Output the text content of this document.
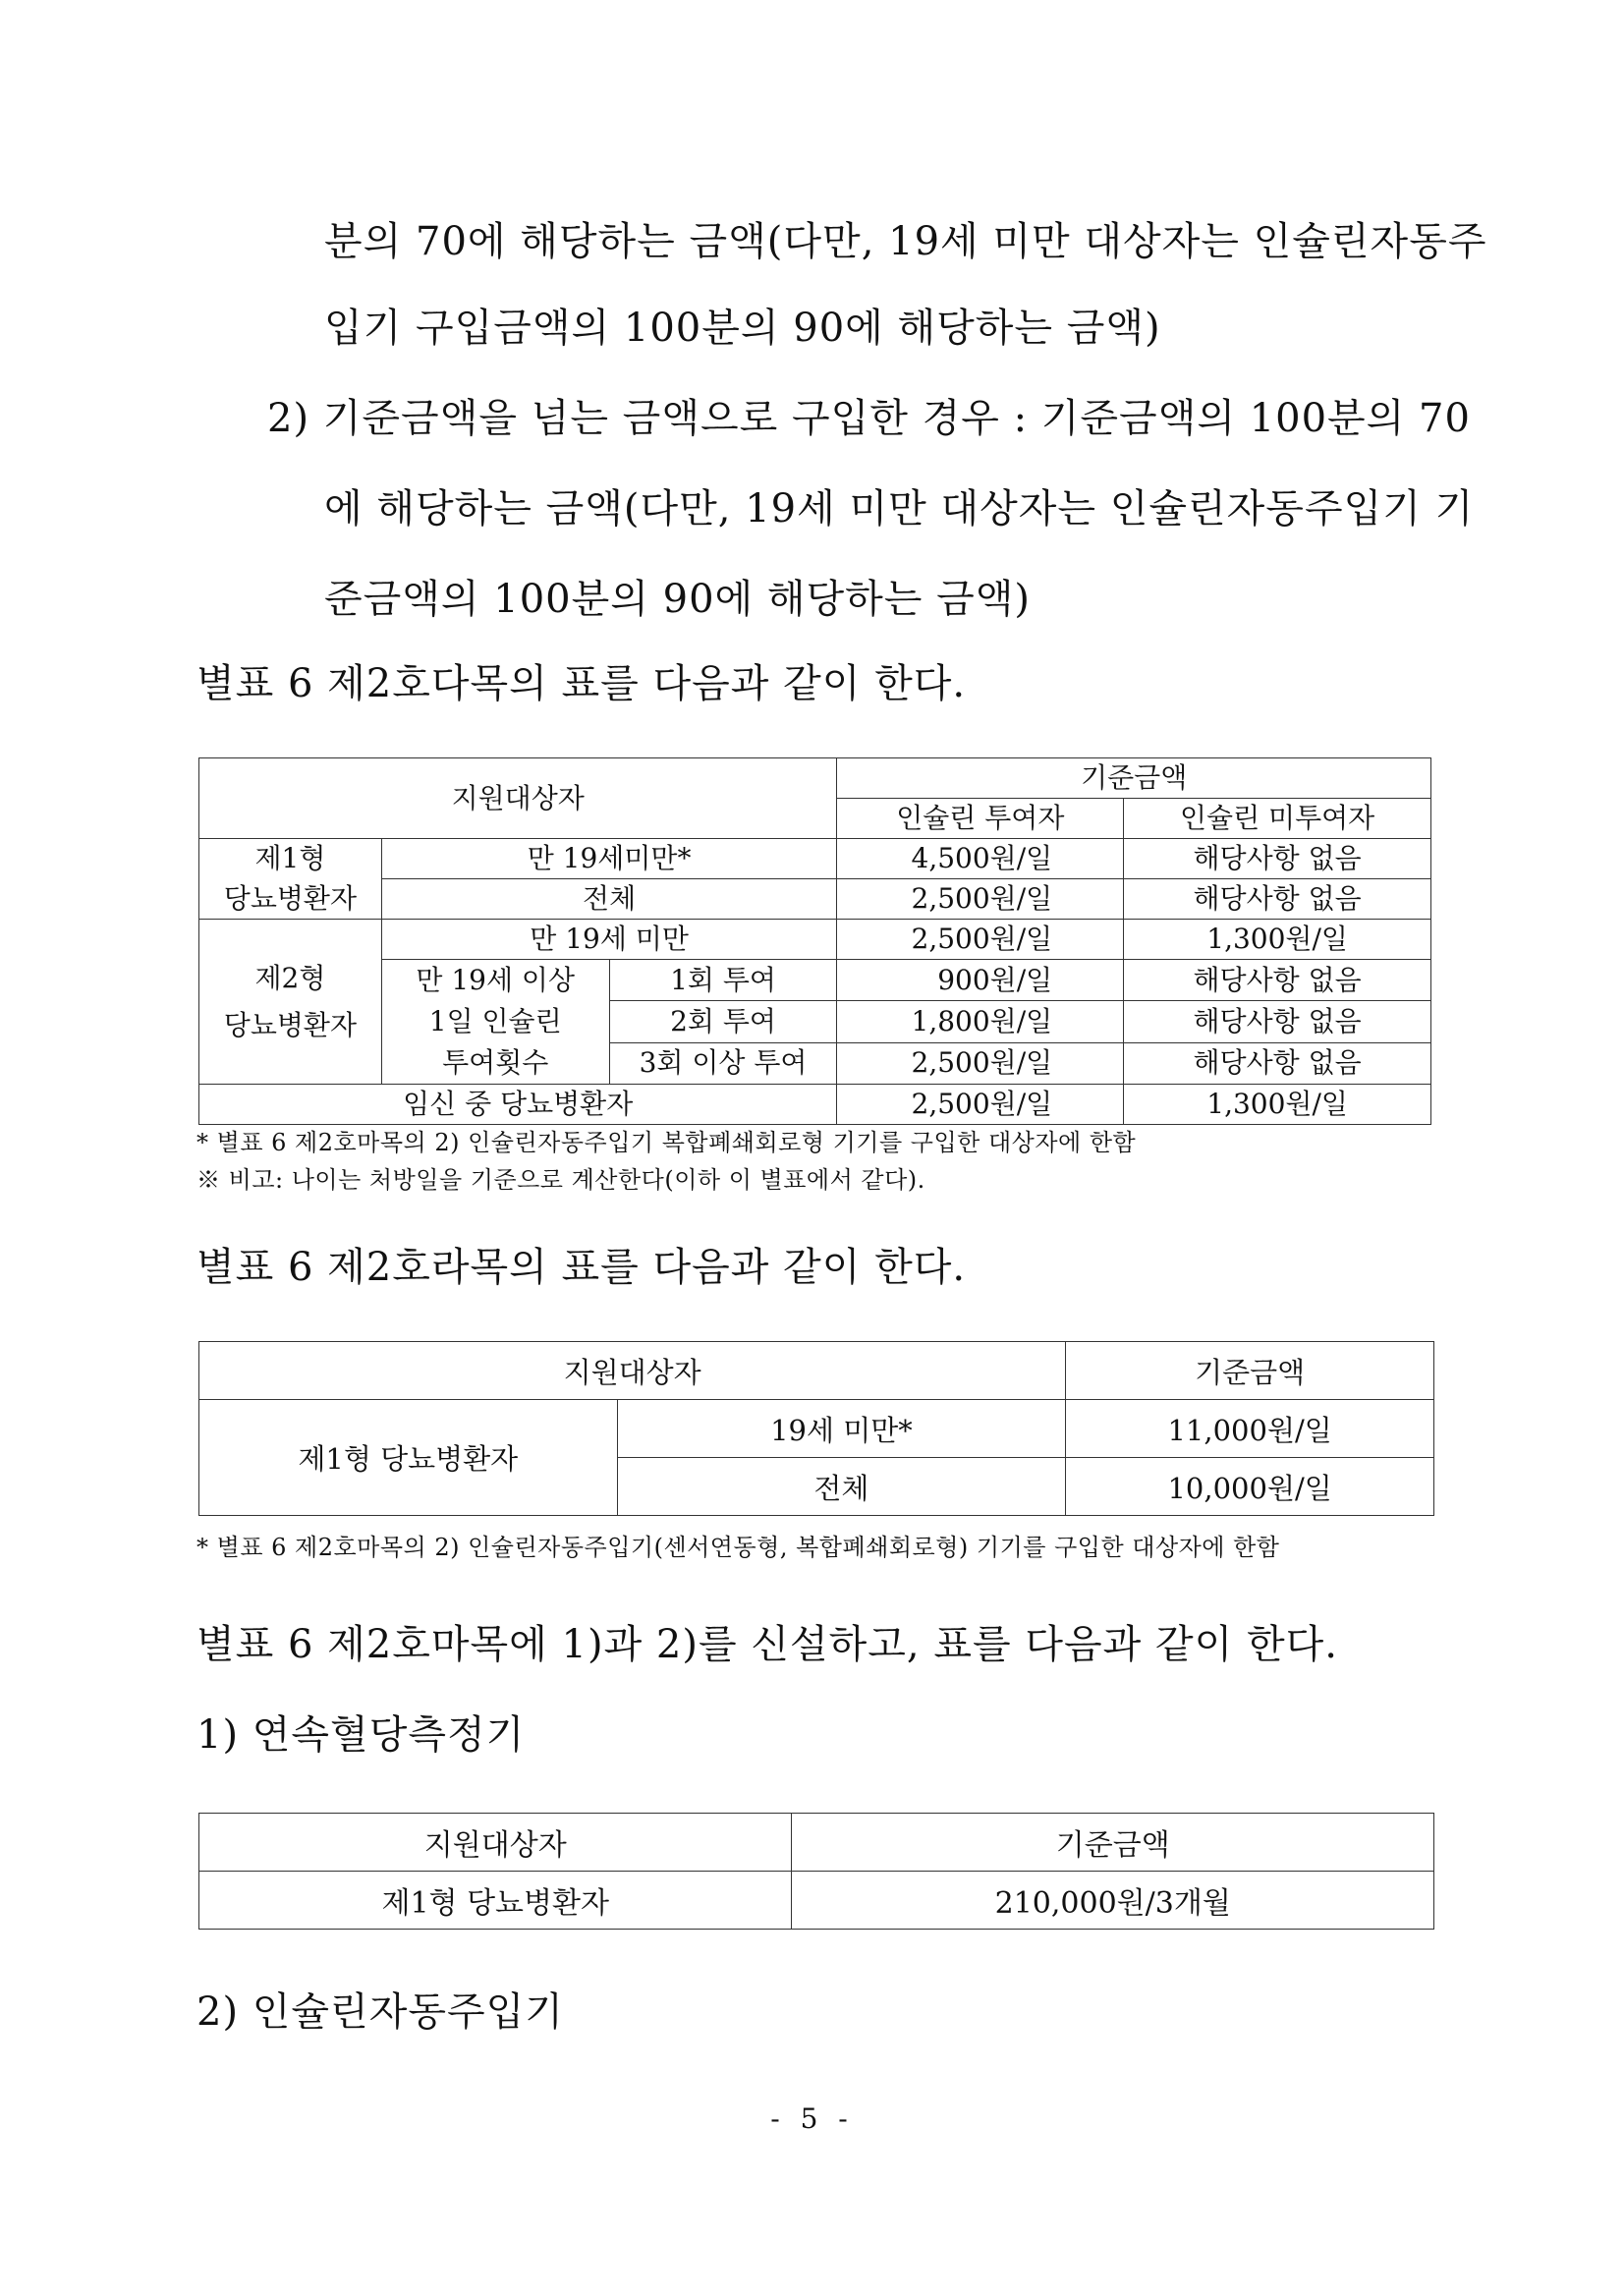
분의 70에 해당하는 금액(다만, 19세 미만 대상자는 인슐린자동주
입기 구입금액의 100분의 90에 해당하는 금액)
2) 기준금액을 넘는 금액으로 구입한 경우 : 기준금액의 100분의 70
에 해당하는 금액(다만, 19세 미만 대상자는 인슐린자동주입기 기
준금액의 100분의 90에 해당하는 금액)
별표 6 제2호다목의 표를 다음과 같이 한다.
지원대상자			기준금액	
			인슐린 투여자	인슐린 미투여자
제1형	만 19세미만*		4,500원/일	해당사항 없음
당뇨병환자	전체		2,500원/일	해당사항 없음

제2형
당뇨병환자	만 19세 미만		2,500원/일	1,300원/일

	만 19세 이상
1일 인슐린
투여횟수	1회 투여	900원/일	해당사항 없음
		2회 투여	1,800원/일	해당사항 없음
		3회 이상 투여	2,500원/일	해당사항 없음
임신 중 당뇨병환자			2,500원/일	1,300원/일
* 별표 6 제2호마목의 2) 인슐린자동주입기 복합폐쇄회로형 기기를 구입한 대상자에 한함
※ 비고: 나이는 처방일을 기준으로 계산한다(이하 이 별표에서 같다).
별표 6 제2호라목의 표를 다음과 같이 한다.
지원대상자		기준금액
제1형 당뇨병환자	19세 미만*	11,000원/일
	전체	10,000원/일
* 별표 6 제2호마목의 2) 인슐린자동주입기(센서연동형, 복합폐쇄회로형) 기기를 구입한 대상자에 한함
별표 6 제2호마목에 1)과 2)를 신설하고, 표를 다음과 같이 한다.
1) 연속혈당측정기
지원대상자	기준금액
제1형 당뇨병환자	210,000원/3개월
2) 인슐린자동주입기
- 5 -
